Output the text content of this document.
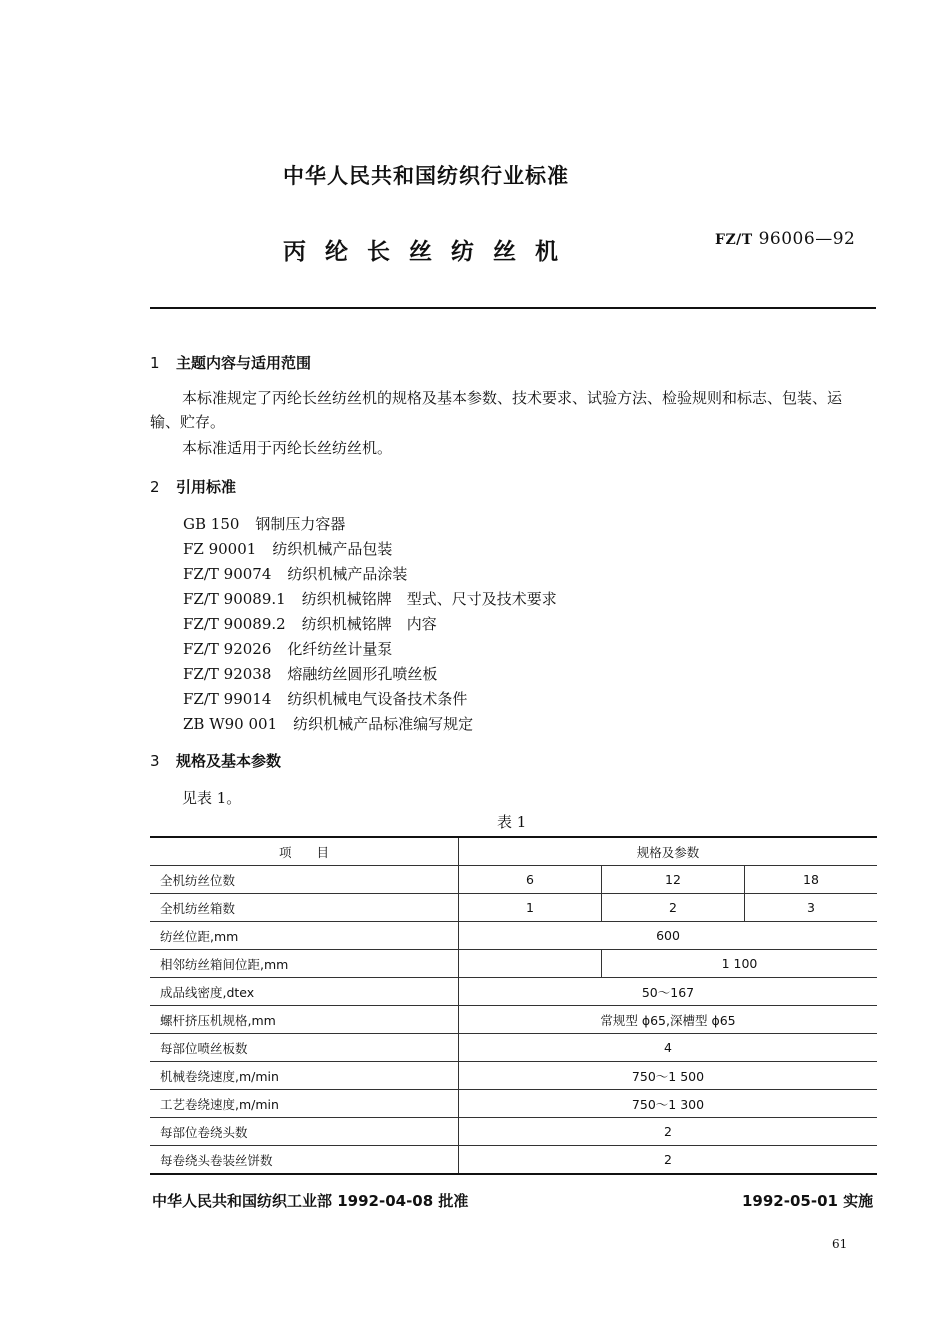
中华人民共和国纺织行业标准
丙纶长丝纺丝机	FZ/T 96006—92
1 主题内容与适用范围
本标准规定了丙纶长丝纺丝机的规格及基本参数、技术要求、试验方法、检验规则和标志、包装、运
输、贮存。
本标准适用于丙纶长丝纺丝机。
2 引用标准
GB 150 钢制压力容器
FZ 90001 纺织机械产品包装
FZ/T 90074 纺织机械产品涂装
FZ/T 90089.1 纺织机械铭牌　型式、尺寸及技术要求
FZ/T 90089.2 纺织机械铭牌　内容
FZ/T 92026 化纤纺丝计量泵
FZ/T 92038 熔融纺丝圆形孔喷丝板
FZ/T 99014 纺织机械电气设备技术条件
ZB W90 001 纺织机械产品标准编写规定
3 规格及基本参数
见表 1。
表 1
项　　目	规格及参数		
全机纺丝位数	6	12	18
全机纺丝箱数	1	2	3
纺丝位距,mm	600		
相邻纺丝箱间位距,mm		1 100	
成品线密度,dtex	50～167		
螺杆挤压机规格,mm	常规型 ϕ65,深槽型 ϕ65		
每部位喷丝板数	4		
机械卷绕速度,m/min	750～1 500		
工艺卷绕速度,m/min	750～1 300		
每部位卷绕头数	2		
每卷绕头卷装丝饼数	2		
中华人民共和国纺织工业部 1992-04-08 批准	1992-05-01 实施
61
